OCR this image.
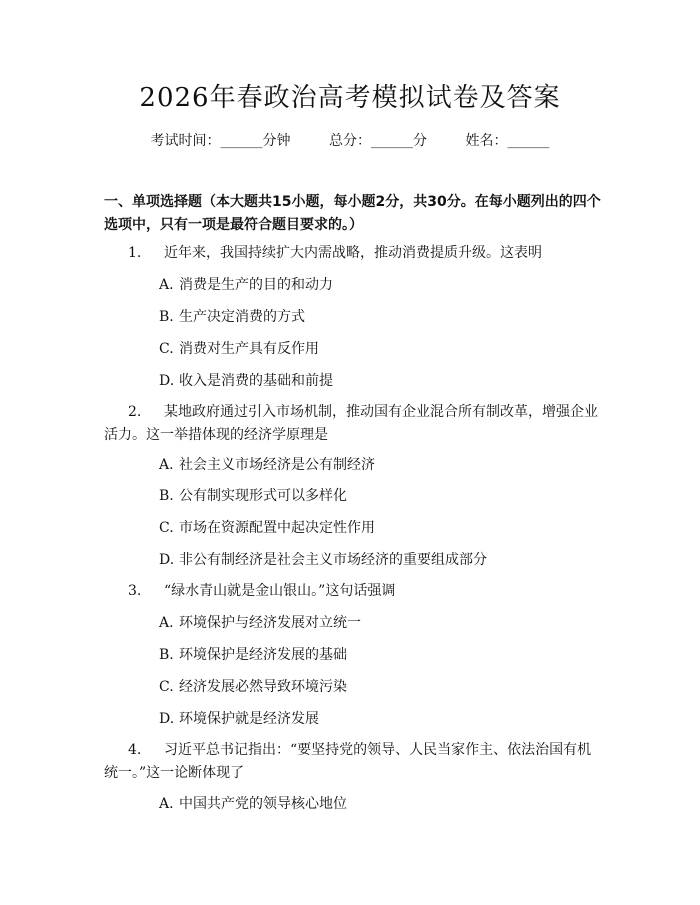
2026年春政治高考模拟试卷及答案
考试时间：______分钟	总分：______分	姓名：______
一、单项选择题（本大题共15小题，每小题2分，共30分。在每小题列出的四个选项中，只有一项是最符合题目要求的。）
1. 近年来，我国持续扩大内需战略，推动消费提质升级。这表明
A. 消费是生产的目的和动力
B. 生产决定消费的方式
C. 消费对生产具有反作用
D. 收入是消费的基础和前提
2. 某地政府通过引入市场机制，推动国有企业混合所有制改革，增强企业活力。这一举措体现的经济学原理是
A. 社会主义市场经济是公有制经济
B. 公有制实现形式可以多样化
C. 市场在资源配置中起决定性作用
D. 非公有制经济是社会主义市场经济的重要组成部分
3. “绿水青山就是金山银山。”这句话强调
A. 环境保护与经济发展对立统一
B. 环境保护是经济发展的基础
C. 经济发展必然导致环境污染
D. 环境保护就是经济发展
4. 习近平总书记指出：“要坚持党的领导、人民当家作主、依法治国有机统一。”这一论断体现了
A. 中国共产党的领导核心地位
